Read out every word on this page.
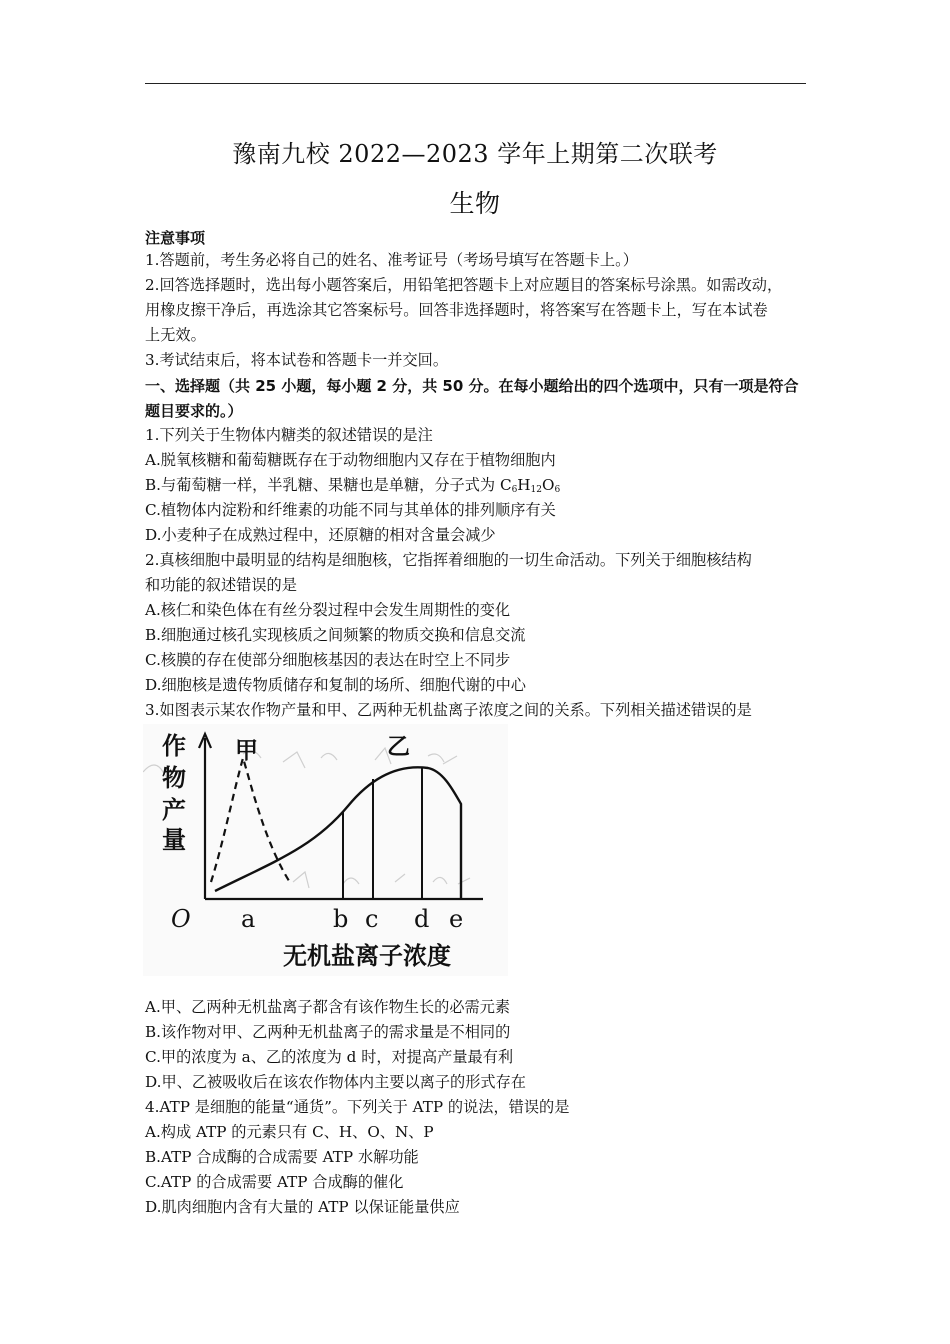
豫南九校 2022—2023 学年上期第二次联考
生物
注意事项
1.答题前，考生务必将自己的姓名、准考证号（考场号填写在答题卡上。）
2.回答选择题时，选出每小题答案后，用铅笔把答题卡上对应题目的答案标号涂黑。如需改动，
用橡皮擦干净后，再选涂其它答案标号。回答非选择题时，将答案写在答题卡上，写在本试卷
上无效。
3.考试结束后，将本试卷和答题卡一并交回。
一、选择题（共 25 小题，每小题 2 分，共 50 分。在每小题给出的四个选项中，只有一项是符合
题目要求的。）
1.下列关于生物体内糖类的叙述错误的是注
A.脱氧核糖和葡萄糖既存在于动物细胞内又存在于植物细胞内
B.与葡萄糖一样，半乳糖、果糖也是单糖，分子式为 $C_6H_{12}O_6$
C.植物体内淀粉和纤维素的功能不同与其单体的排列顺序有关
D.小麦种子在成熟过程中，还原糖的相对含量会减少
2.真核细胞中最明显的结构是细胞核，它指挥着细胞的一切生命活动。下列关于细胞核结构
和功能的叙述错误的是
A.核仁和染色体在有丝分裂过程中会发生周期性的变化
B.细胞通过核孔实现核质之间频繁的物质交换和信息交流
C.核膜的存在使部分细胞核基因的表达在时空上不同步
D.细胞核是遗传物质储存和复制的场所、细胞代谢的中心
3.如图表示某农作物产量和甲、乙两种无机盐离子浓度之间的关系。下列相关描述错误的是
作
物
产
量
甲	乙
无机盐离子浓度
O a	b c d e
A.甲、乙两种无机盐离子都含有该作物生长的必需元素
B.该作物对甲、乙两种无机盐离子的需求量是不相同的
C.甲的浓度为 a、乙的浓度为 d 时，对提高产量最有利
D.甲、乙被吸收后在该农作物体内主要以离子的形式存在
4.ATP 是细胞的能量“通货”。下列关于 ATP 的说法，错误的是
A.构成 ATP 的元素只有 C、H、O、N、P
B.ATP 合成酶的合成需要 ATP 水解功能
C.ATP 的合成需要 ATP 合成酶的催化
D.肌肉细胞内含有大量的 ATP 以保证能量供应
